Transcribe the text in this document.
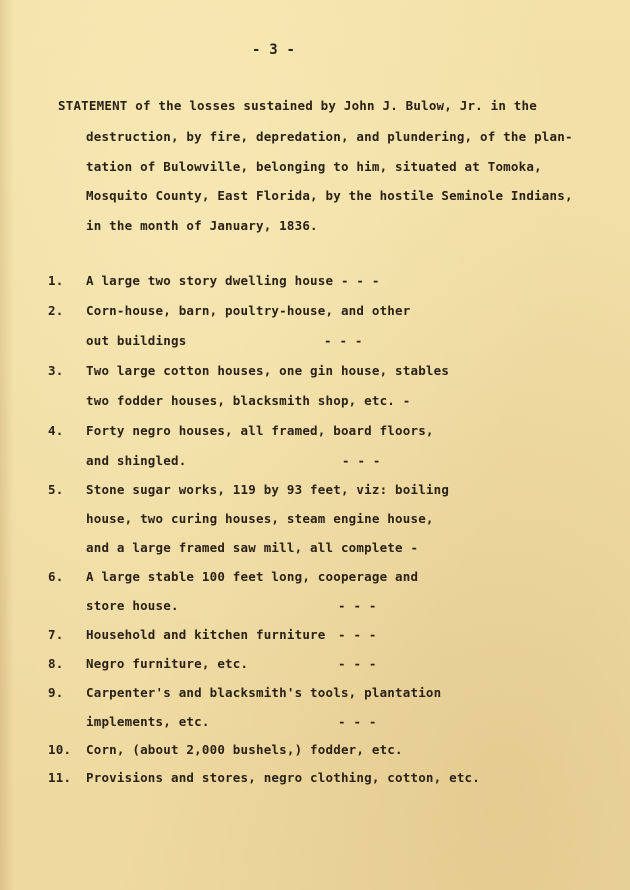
- 3 -
STATEMENT of the losses sustained by John J. Bulow, Jr. in the
destruction, by fire, depredation, and plundering, of the plan-
tation of Bulowville, belonging to him, situated at Tomoka,
Mosquito County, East Florida, by the hostile Seminole Indians,
in the month of January, 1836.
1. A large two story dwelling house - - -
2. Corn-house, barn, poultry-house, and other
out buildings	- - -
3. Two large cotton houses, one gin house, stables
two fodder houses, blacksmith shop, etc. -
4. Forty negro houses, all framed, board floors,
and shingled.	- - -
5. Stone sugar works, 119 by 93 feet, viz: boiling
house, two curing houses, steam engine house,
and a large framed saw mill, all complete -
6. A large stable 100 feet long, cooperage and
store house.	- - -
7. Household and kitchen furniture - - -
8. Negro furniture, etc.	- - -
9. Carpenter's and blacksmith's tools, plantation
implements, etc.	- - -
10. Corn, (about 2,000 bushels,) fodder, etc.
11. Provisions and stores, negro clothing, cotton, etc.
